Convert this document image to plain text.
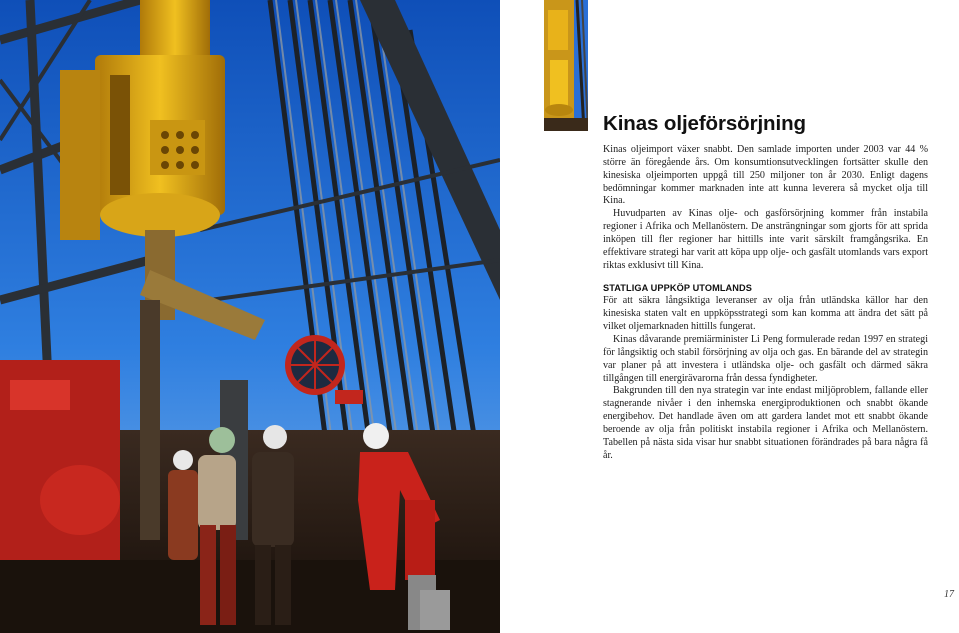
Kinas oljeförsörjning

Kinas oljeimport växer snabbt. Den samlade importen under 2003 var 44 % större än föregående års. Om konsumtionsutvecklingen fortsätter skulle den kinesiska oljeimporten uppgå till 250 miljoner ton år 2030. Enligt dagens bedömningar kommer marknaden inte att kunna leverera så mycket olja till Kina.

Huvudparten av Kinas olje- och gasförsörjning kommer från instabila regioner i Afrika och Mellanöstern. De ansträngningar som gjorts för att sprida inköpen till fler regioner har hittills inte varit särskilt framgångsrika. En effektivare strategi har varit att köpa upp olje- och gasfält utomlands vars export riktas exklusivt till Kina.

STATLIGA UPPKÖP UTOMLANDS

För att säkra långsiktiga leveranser av olja från utländska källor har den kinesiska staten valt en uppköpsstrategi som kan komma att ändra det sätt på vilket oljemarknaden hittills fungerat.

Kinas dåvarande premiärminister Li Peng formulerade redan 1997 en strategi för långsiktig och stabil försörjning av olja och gas. En bärande del av strategin var planer på att investera i utländska olje- och gasfält och därmed säkra tillgången till energirävarorna från dessa fyndigheter.

Bakgrunden till den nya strategin var inte endast miljöproblem, fallande eller stagnerande nivåer i den inhemska energiproduktionen och snabbt ökande energibehov. Det handlade även om att gardera landet mot ett snabbt ökande beroende av olja från politiskt instabila regioner i Afrika och Mellanöstern. Tabellen på nästa sida visar hur snabbt situationen förändrades på bara några få år.

17
